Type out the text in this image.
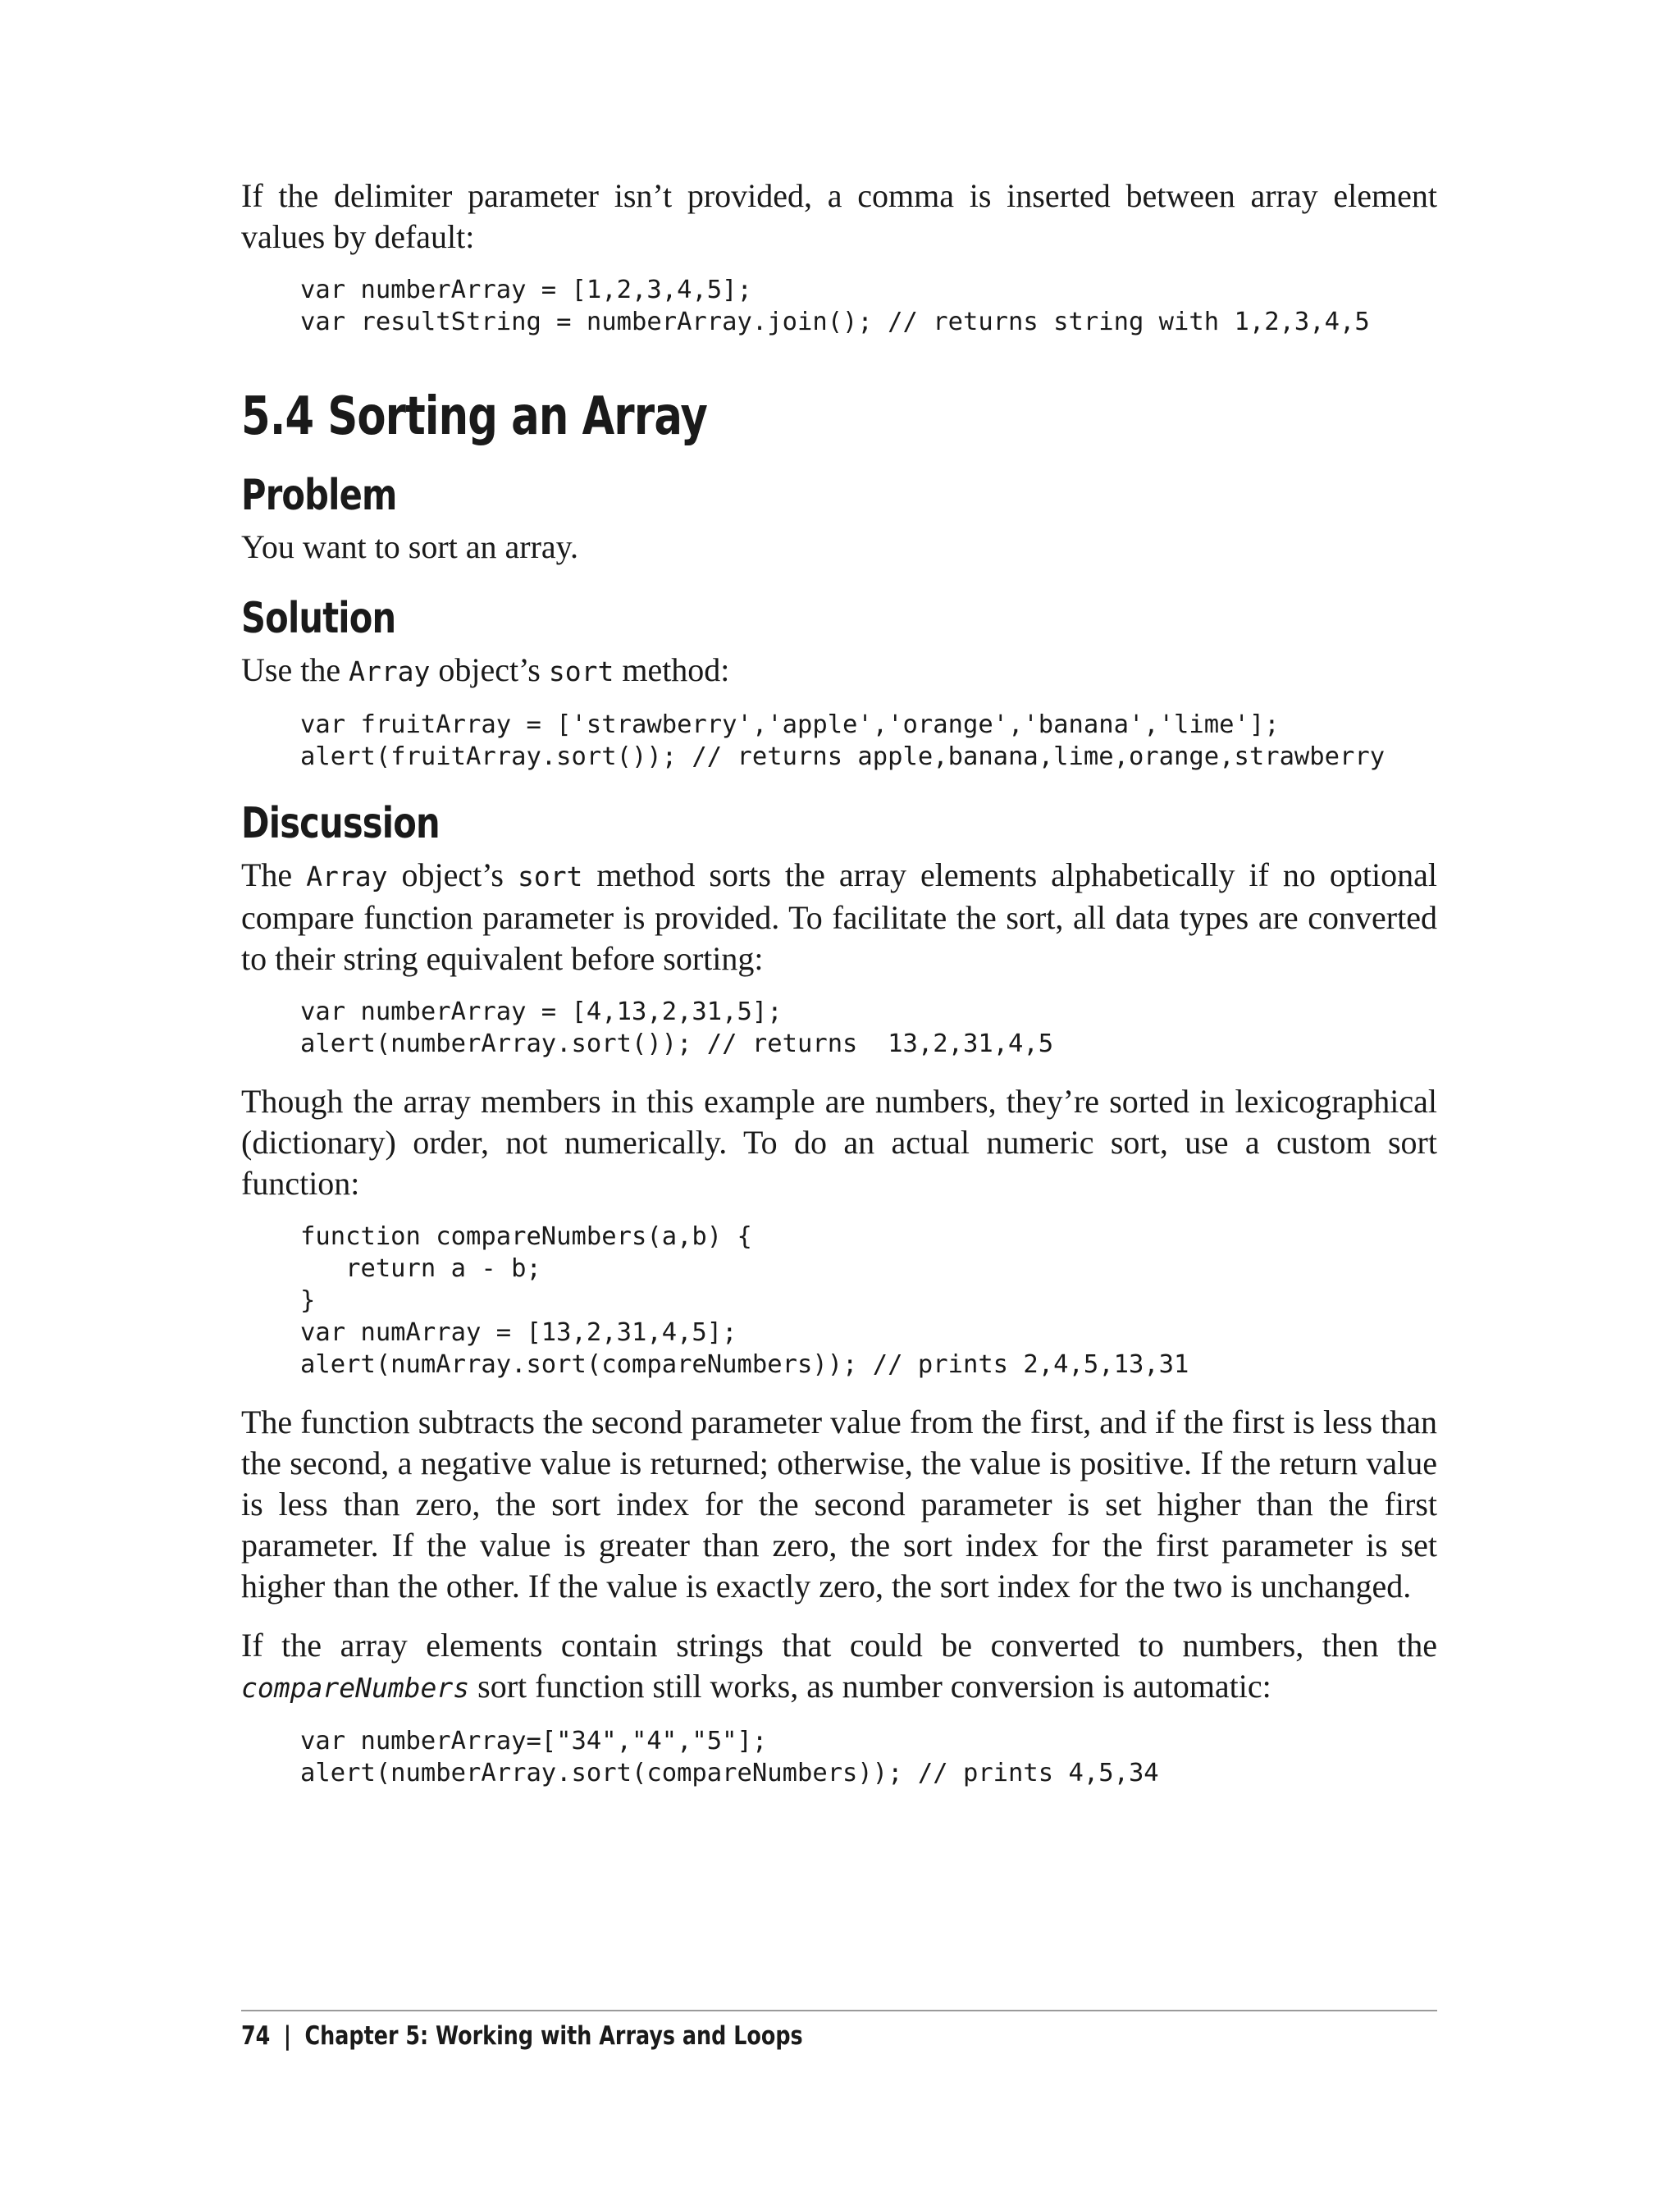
If the delimiter parameter isn’t provided, a comma is inserted between array element values by default:

var numberArray = [1,2,3,4,5];
var resultString = numberArray.join(); // returns string with 1,2,3,4,5
5.4 Sorting an Array
Problem

You want to sort an array.

Solution

Use the Array object’s sort method:

var fruitArray = ['strawberry','apple','orange','banana','lime'];
alert(fruitArray.sort()); // returns apple,banana,lime,orange,strawberry
Discussion

The Array object’s sort method sorts the array elements alphabetically if no optional compare function parameter is provided. To facilitate the sort, all data types are converted to their string equivalent before sorting:

var numberArray = [4,13,2,31,5];
alert(numberArray.sort()); // returns  13,2,31,4,5

Though the array members in this example are numbers, they’re sorted in lexicographical (dictionary) order, not numerically. To do an actual numeric sort, use a custom sort function:

function compareNumbers(a,b) {
return a - b;
}
var numArray = [13,2,31,4,5];
alert(numArray.sort(compareNumbers)); // prints 2,4,5,13,31

The function subtracts the second parameter value from the first, and if the first is less than the second, a negative value is returned; otherwise, the value is positive. If the return value is less than zero, the sort index for the second parameter is set higher than the first parameter. If the value is greater than zero, the sort index for the first parameter is set higher than the other. If the value is exactly zero, the sort index for the two is unchanged.

If the array elements contain strings that could be converted to numbers, then the compareNumbers sort function still works, as number conversion is automatic:

var numberArray=["34","4","5"];
alert(numberArray.sort(compareNumbers)); // prints 4,5,34
74 | Chapter 5: Working with Arrays and Loops
